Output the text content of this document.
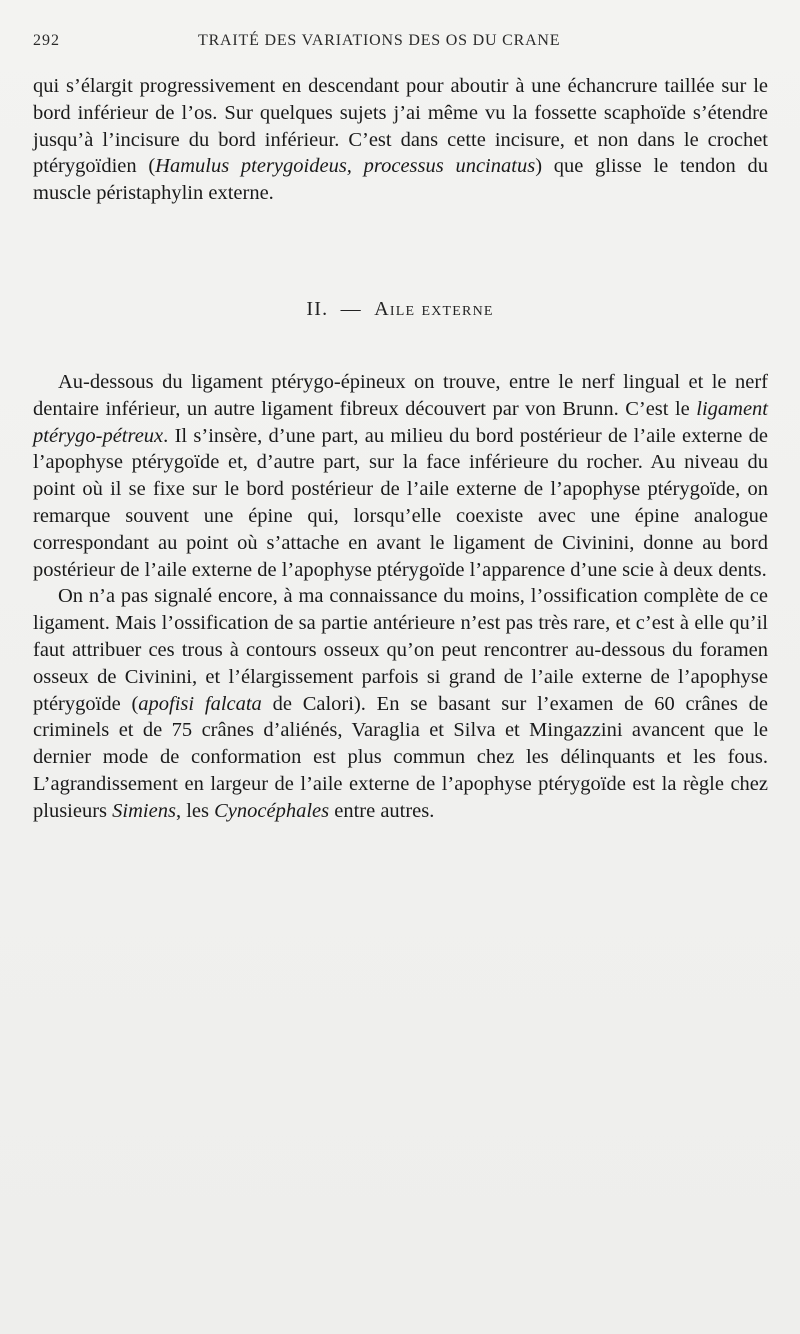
292	TRAITÉ DES VARIATIONS DES OS DU CRANE

qui s’élargit progressivement en descendant pour aboutir à une échancrure taillée sur le bord inférieur de l’os. Sur quelques sujets j’ai même vu la fossette scaphoïde s’étendre jusqu’à l’incisure du bord inférieur. C’est dans cette incisure, et non dans le crochet ptérygoïdien (Hamulus pterygoideus, processus uncinatus) que glisse le tendon du muscle péristaphylin externe.

II. — Aile externe

Au-dessous du ligament ptérygo-épineux on trouve, entre le nerf lingual et le nerf dentaire inférieur, un autre ligament fibreux découvert par von Brunn. C’est le ligament ptérygo-pétreux. Il s’insère, d’une part, au milieu du bord postérieur de l’aile externe de l’apophyse ptérygoïde et, d’autre part, sur la face inférieure du rocher. Au niveau du point où il se fixe sur le bord postérieur de l’aile externe de l’apophyse ptérygoïde, on remarque souvent une épine qui, lorsqu’elle coexiste avec une épine analogue correspondant au point où s’attache en avant le ligament de Civinini, donne au bord postérieur de l’aile externe de l’apophyse ptérygoïde l’apparence d’une scie à deux dents.

On n’a pas signalé encore, à ma connaissance du moins, l’ossification complète de ce ligament. Mais l’ossification de sa partie antérieure n’est pas très rare, et c’est à elle qu’il faut attribuer ces trous à contours osseux qu’on peut rencontrer au-dessous du foramen osseux de Civinini, et l’élargissement parfois si grand de l’aile externe de l’apophyse ptérygoïde (apofisi falcata de Calori). En se basant sur l’examen de 60 crânes de criminels et de 75 crânes d’aliénés, Varaglia et Silva et Mingazzini avancent que le dernier mode de conformation est plus commun chez les délinquants et les fous. L’agrandissement en largeur de l’aile externe de l’apophyse ptérygoïde est la règle chez plusieurs Simiens, les Cynocéphales entre autres.
